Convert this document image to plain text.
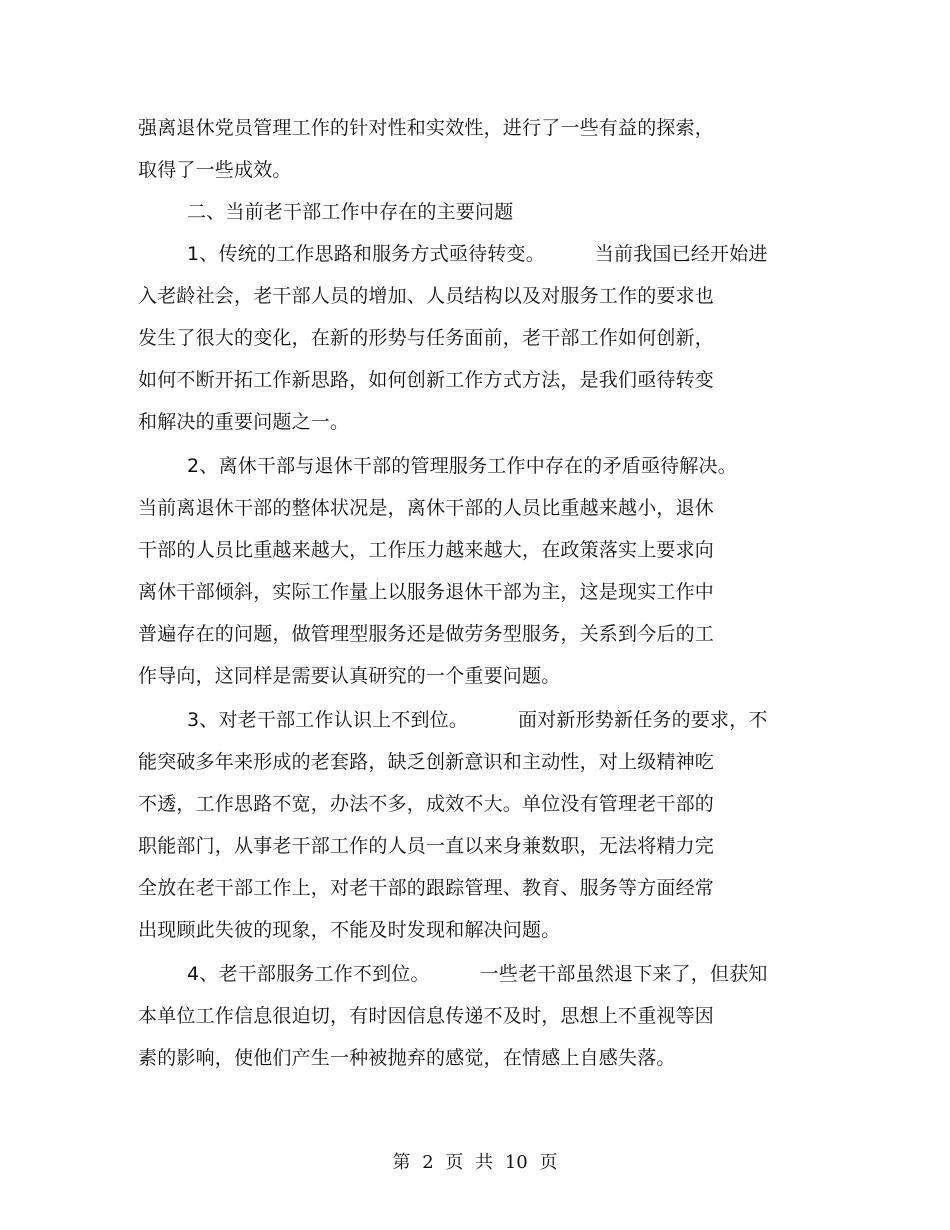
强离退休党员管理工作的针对性和实效性，进行了一些有益的探索，
取得了一些成效。
二、当前老干部工作中存在的主要问题
1、传统的工作思路和服务方式亟待转变。        当前我国已经开始进
入老龄社会，老干部人员的增加、人员结构以及对服务工作的要求也
发生了很大的变化，在新的形势与任务面前，老干部工作如何创新，
如何不断开拓工作新思路，如何创新工作方式方法，是我们亟待转变
和解决的重要问题之一。
2、离休干部与退休干部的管理服务工作中存在的矛盾亟待解决。
当前离退休干部的整体状况是，离休干部的人员比重越来越小，退休
干部的人员比重越来越大，工作压力越来越大，在政策落实上要求向
离休干部倾斜，实际工作量上以服务退休干部为主，这是现实工作中
普遍存在的问题，做管理型服务还是做劳务型服务，关系到今后的工
作导向，这同样是需要认真研究的一个重要问题。
3、对老干部工作认识上不到位。        面对新形势新任务的要求，不
能突破多年来形成的老套路，缺乏创新意识和主动性，对上级精神吃
不透，工作思路不宽，办法不多，成效不大。单位没有管理老干部的
职能部门，从事老干部工作的人员一直以来身兼数职，无法将精力完
全放在老干部工作上，对老干部的跟踪管理、教育、服务等方面经常
出现顾此失彼的现象，不能及时发现和解决问题。
4、老干部服务工作不到位。        一些老干部虽然退下来了，但获知
本单位工作信息很迫切，有时因信息传递不及时，思想上不重视等因
素的影响，使他们产生一种被抛弃的感觉，在情感上自感失落。
第 2 页 共 10 页
